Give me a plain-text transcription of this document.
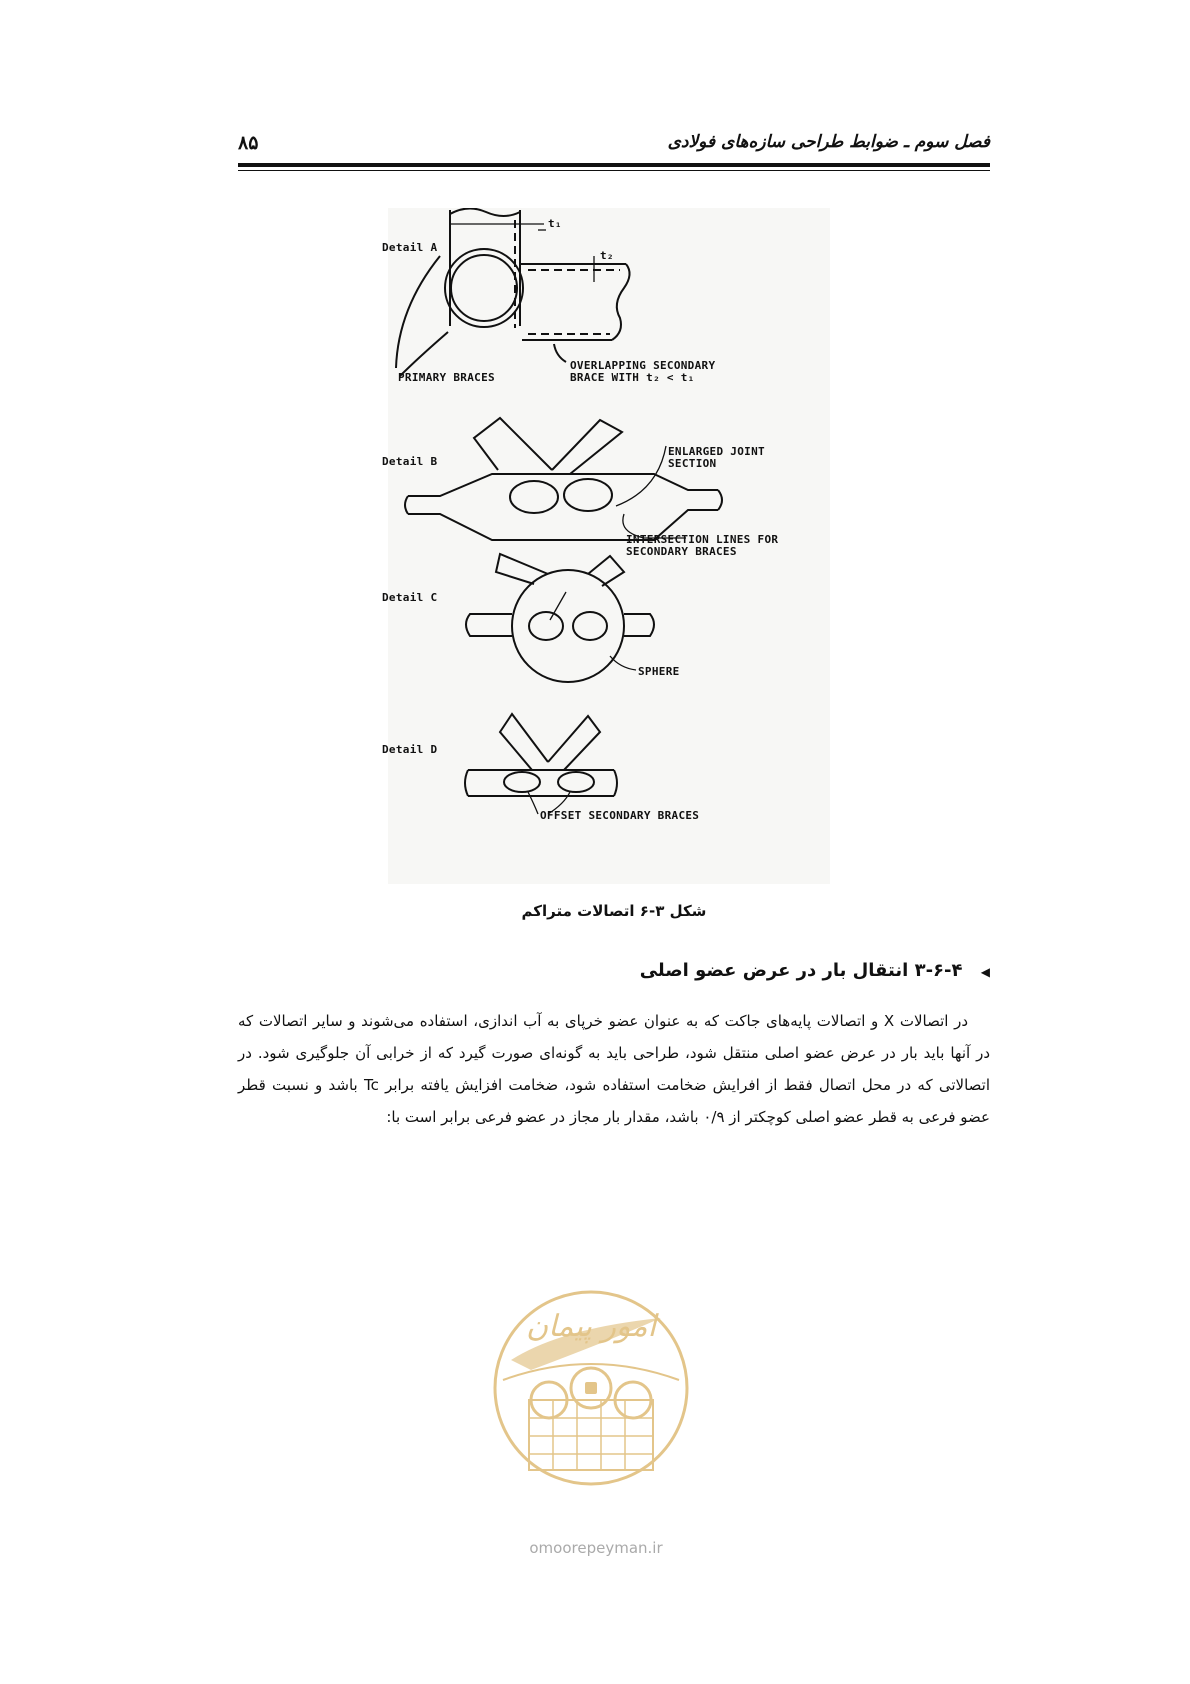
فصل سوم ـ ضوابط طراحی سازه‌های فولادی
۸۵
Detail A
t₁
t₂
PRIMARY BRACES
OVERLAPPING SECONDARY
BRACE WITH t₂ < t₁
Detail B
ENLARGED JOINT
SECTION
INTERSECTION LINES FOR
SECONDARY BRACES
Detail C
SPHERE
Detail D
OFFSET SECONDARY BRACES
شکل ۳-۶ اتصالات متراکم
◀ ۳-۶-۴ انتقال بار در عرض عضو اصلی

در اتصالات X و اتصالات پایه‌های جاکت که به عنوان عضو خرپای به آب اندازی، استفاده می‌شوند و سایر اتصالات که در آنها باید بار در عرض عضو اصلی منتقل شود، طراحی باید به گونه‌ای صورت گیرد که از خرابی آن جلوگیری شود. در اتصالاتی که در محل اتصال فقط از افرایش ضخامت استفاده شود، ضخامت افزایش یافته برابر Tc باشد و نسبت قطر عضو فرعی به قطر عضو اصلی کوچکتر از ۰/۹ باشد، مقدار بار مجاز در عضو فرعی برابر است با:

امور پیمان
omoorepeyman.ir
